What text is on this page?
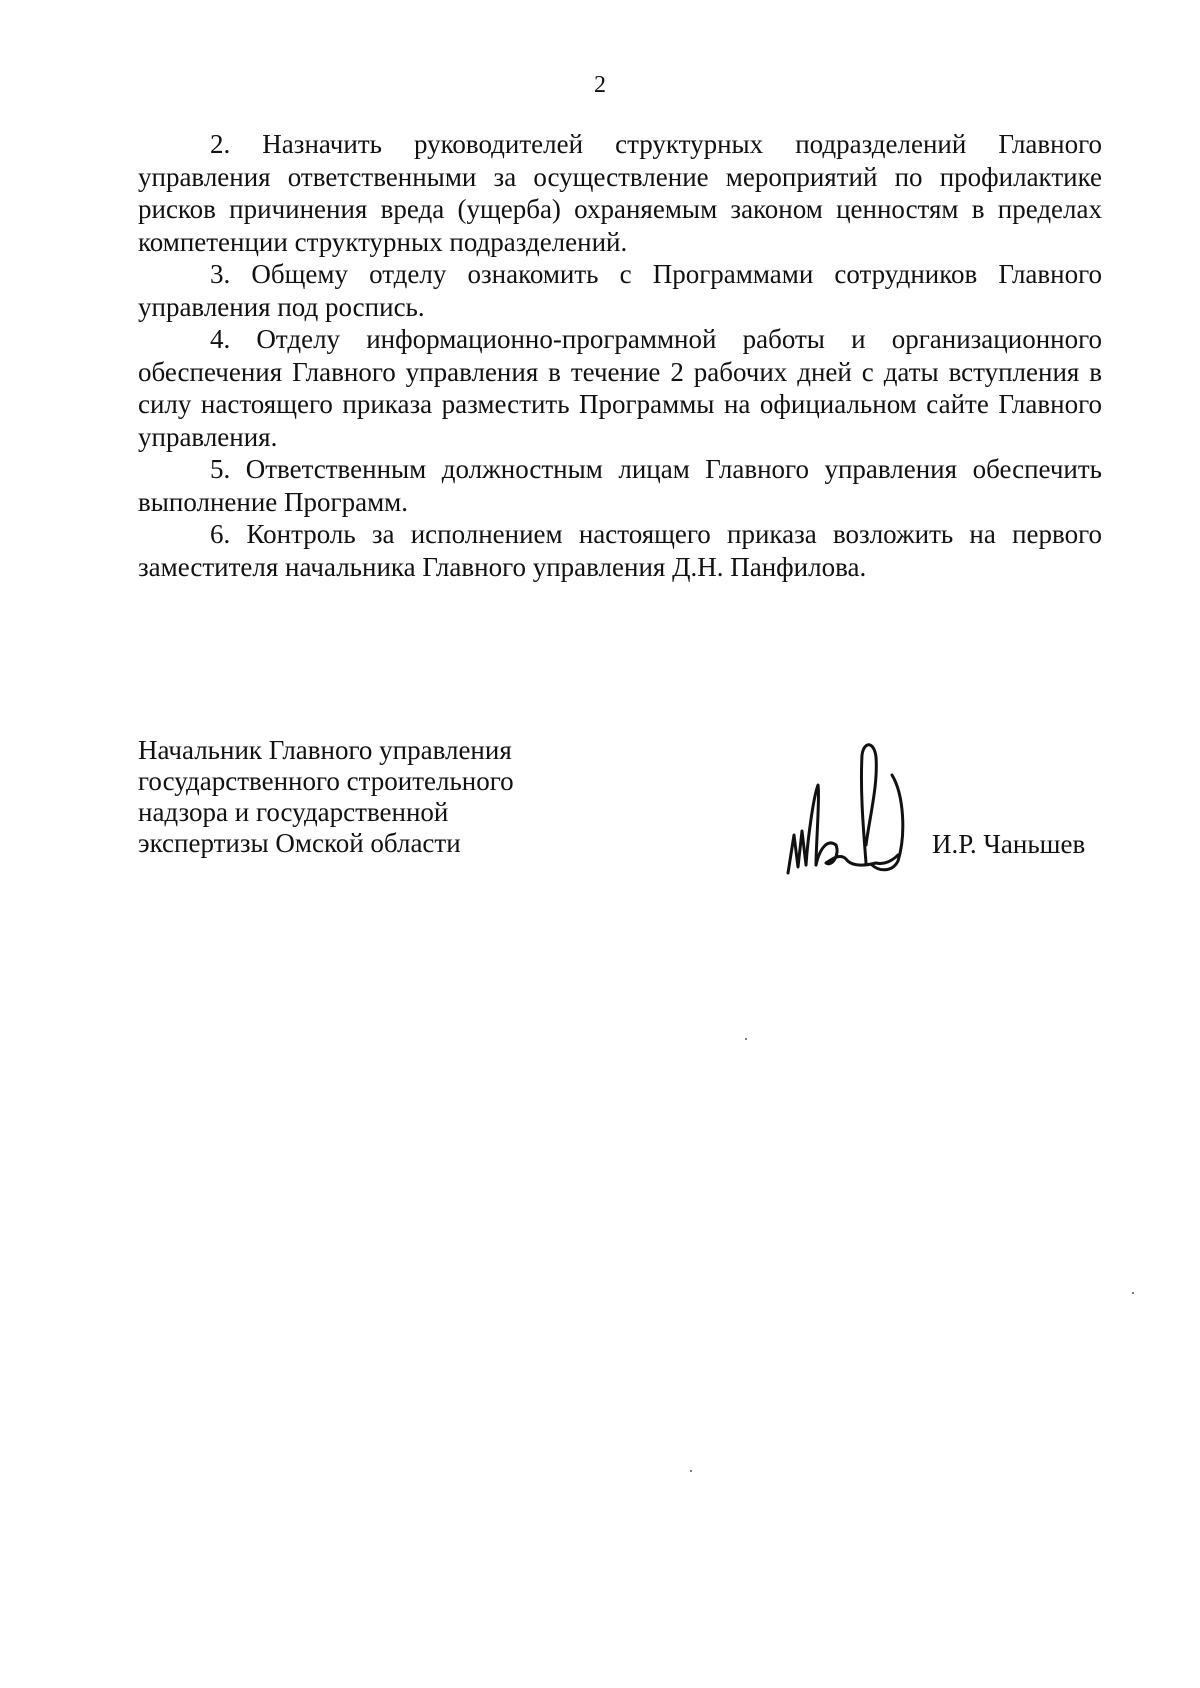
2

2. Назначить руководителей структурных подразделений Главного управления ответственными за осуществление мероприятий по профилактике рисков причинения вреда (ущерба) охраняемым законом ценностям в пределах компетенции структурных подразделений.

3. Общему отделу ознакомить с Программами сотрудников Главного управления под роспись.

4. Отделу информационно-программной работы и организационного обеспечения Главного управления в течение 2 рабочих дней с даты вступления в силу настоящего приказа разместить Программы на официальном сайте Главного управления.

5. Ответственным должностным лицам Главного управления обеспечить выполнение Программ.

6. Контроль за исполнением настоящего приказа возложить на первого заместителя начальника Главного управления Д.Н. Панфилова.

Начальник Главного управления
государственного строительного
надзора и государственной
экспертизы Омской области	И.Р. Чаньшев
